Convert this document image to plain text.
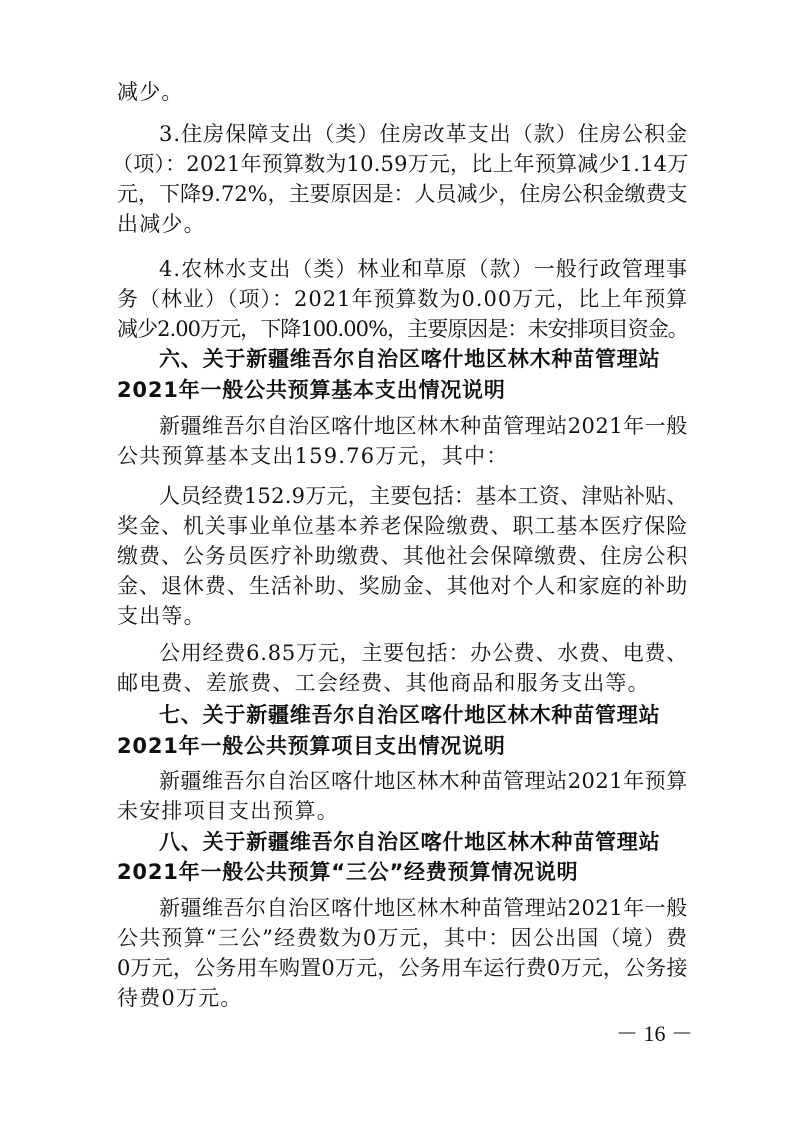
减少。
3.住房保障支出（类）住房改革支出（款）住房公积金
（项）：2021年预算数为10.59万元，比上年预算减少1.14万
元，下降9.72%，主要原因是：人员减少，住房公积金缴费支
出减少。
4.农林水支出（类）林业和草原（款）一般行政管理事
务（林业）（项）：2021年预算数为0.00万元，比上年预算
减少2.00万元，下降100.00%，主要原因是：未安排项目资金。
六、关于新疆维吾尔自治区喀什地区林木种苗管理站
2021年一般公共预算基本支出情况说明
新疆维吾尔自治区喀什地区林木种苗管理站2021年一般
公共预算基本支出159.76万元，其中：
人员经费152.9万元，主要包括：基本工资、津贴补贴、
奖金、机关事业单位基本养老保险缴费、职工基本医疗保险
缴费、公务员医疗补助缴费、其他社会保障缴费、住房公积
金、退休费、生活补助、奖励金、其他对个人和家庭的补助
支出等。
公用经费6.85万元，主要包括：办公费、水费、电费、
邮电费、差旅费、工会经费、其他商品和服务支出等。
七、关于新疆维吾尔自治区喀什地区林木种苗管理站
2021年一般公共预算项目支出情况说明
新疆维吾尔自治区喀什地区林木种苗管理站2021年预算
未安排项目支出预算。
八、关于新疆维吾尔自治区喀什地区林木种苗管理站
2021年一般公共预算“三公”经费预算情况说明
新疆维吾尔自治区喀什地区林木种苗管理站2021年一般
公共预算“三公”经费数为0万元，其中：因公出国（境）费
0万元，公务用车购置0万元，公务用车运行费0万元，公务接
待费0万元。
－ 16 －
